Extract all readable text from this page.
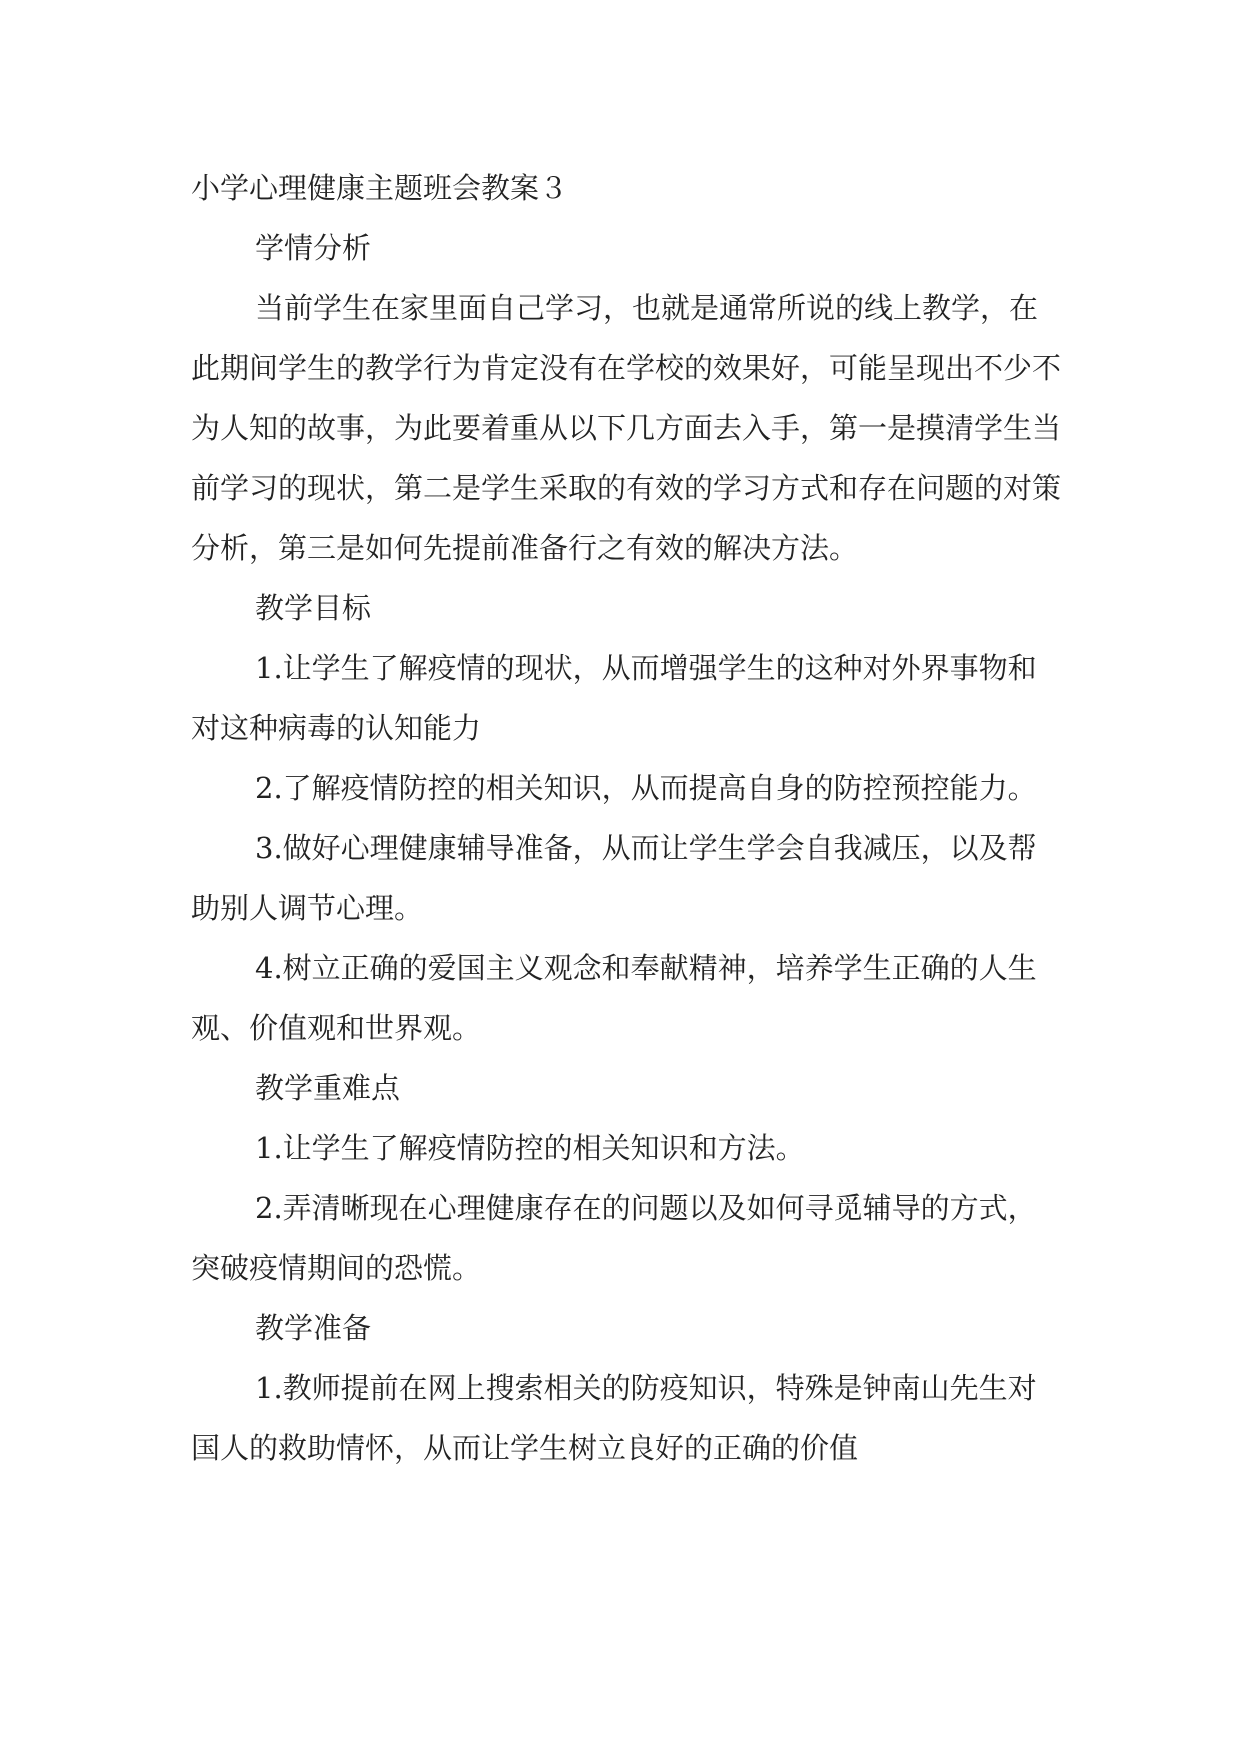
小学心理健康主题班会教案３

学情分析

当前学生在家里面自己学习，也就是通常所说的线上教学，在此期间学生的教学行为肯定没有在学校的效果好，可能呈现出不少不为人知的故事，为此要着重从以下几方面去入手，第一是摸清学生当前学习的现状，第二是学生采取的有效的学习方式和存在问题的对策分析，第三是如何先提前准备行之有效的解决方法。

教学目标

1.让学生了解疫情的现状，从而增强学生的这种对外界事物和对这种病毒的认知能力

2.了解疫情防控的相关知识，从而提高自身的防控预控能力。

3.做好心理健康辅导准备，从而让学生学会自我减压，以及帮助别人调节心理。

4.树立正确的爱国主义观念和奉献精神，培养学生正确的人生观、价值观和世界观。

教学重难点

1.让学生了解疫情防控的相关知识和方法。

2.弄清晰现在心理健康存在的问题以及如何寻觅辅导的方式，突破疫情期间的恐慌。

教学准备

1.教师提前在网上搜索相关的防疫知识，特殊是钟南山先生对国人的救助情怀，从而让学生树立良好的正确的价值
